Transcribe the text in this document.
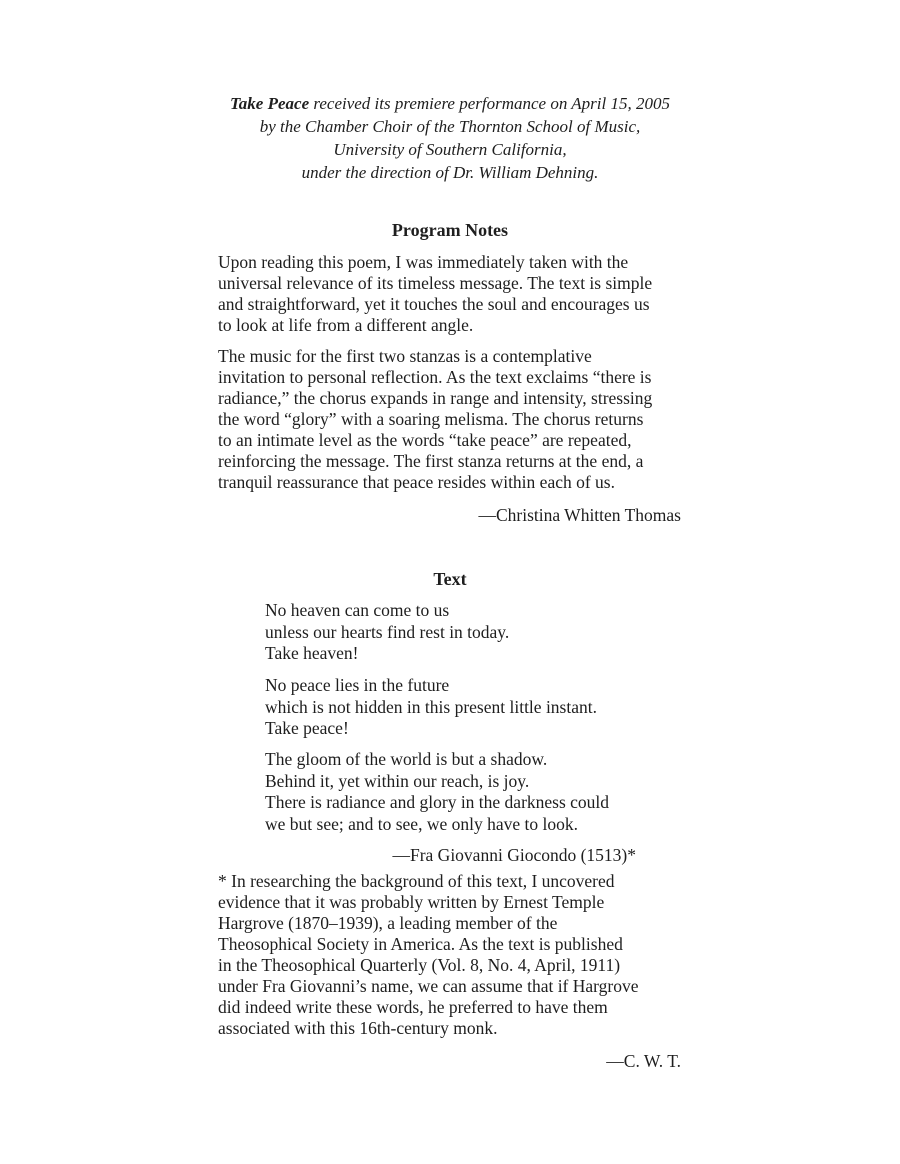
Take Peace received its premiere performance on April 15, 2005
by the Chamber Choir of the Thornton School of Music,
University of Southern California,
under the direction of Dr. William Dehning.
Program Notes
Upon reading this poem, I was immediately taken with the
universal relevance of its timeless message. The text is simple
and straightforward, yet it touches the soul and encourages us
to look at life from a different angle.
The music for the first two stanzas is a contemplative
invitation to personal reflection. As the text exclaims “there is
radiance,” the chorus expands in range and intensity, stressing
the word “glory” with a soaring melisma. The chorus returns
to an intimate level as the words “take peace” are repeated,
reinforcing the message. The first stanza returns at the end, a
tranquil reassurance that peace resides within each of us.
—Christina Whitten Thomas
Text
No heaven can come to us
unless our hearts find rest in today.
Take heaven!
No peace lies in the future
which is not hidden in this present little instant.
Take peace!
The gloom of the world is but a shadow.
Behind it, yet within our reach, is joy.
There is radiance and glory in the darkness could
we but see; and to see, we only have to look.
—Fra Giovanni Giocondo (1513)*
* In researching the background of this text, I uncovered
evidence that it was probably written by Ernest Temple
Hargrove (1870–1939), a leading member of the
Theosophical Society in America. As the text is published
in the Theosophical Quarterly (Vol. 8, No. 4, April, 1911)
under Fra Giovanni’s name, we can assume that if Hargrove
did indeed write these words, he preferred to have them
associated with this 16th-century monk.
—C. W. T.
